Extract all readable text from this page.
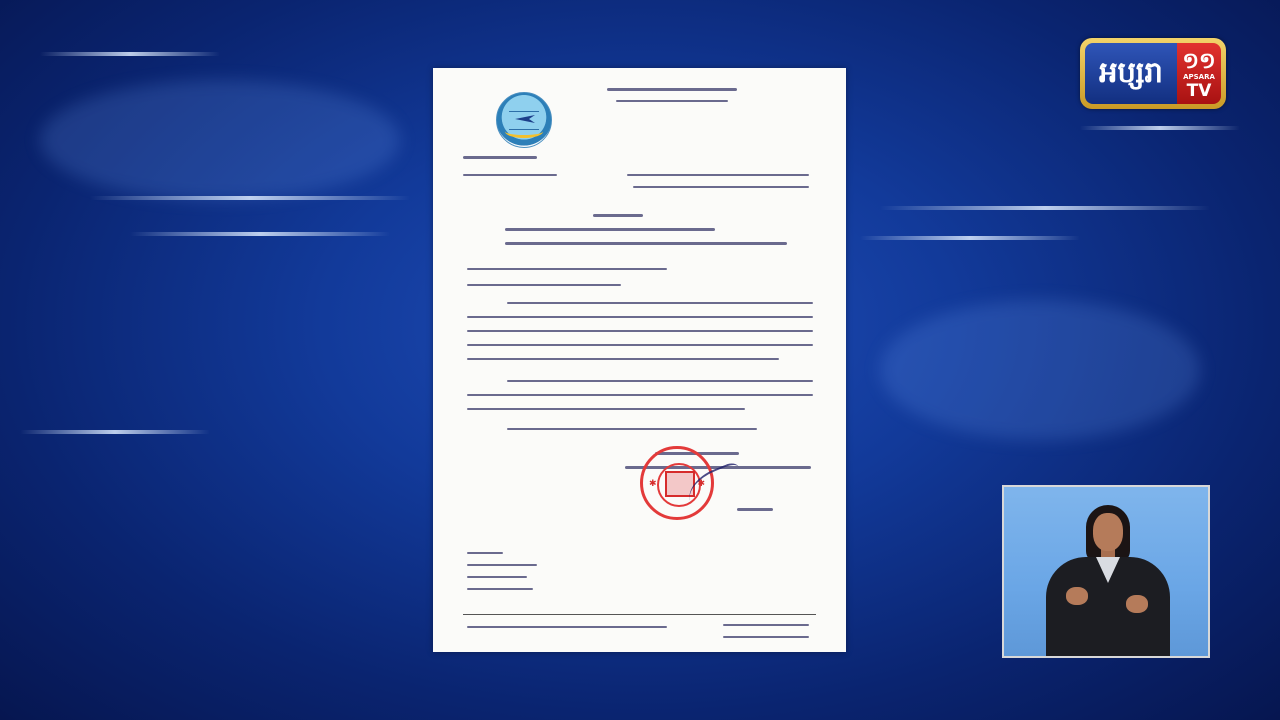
✱	✱
អប្សរា ១១
APSARA
TV
